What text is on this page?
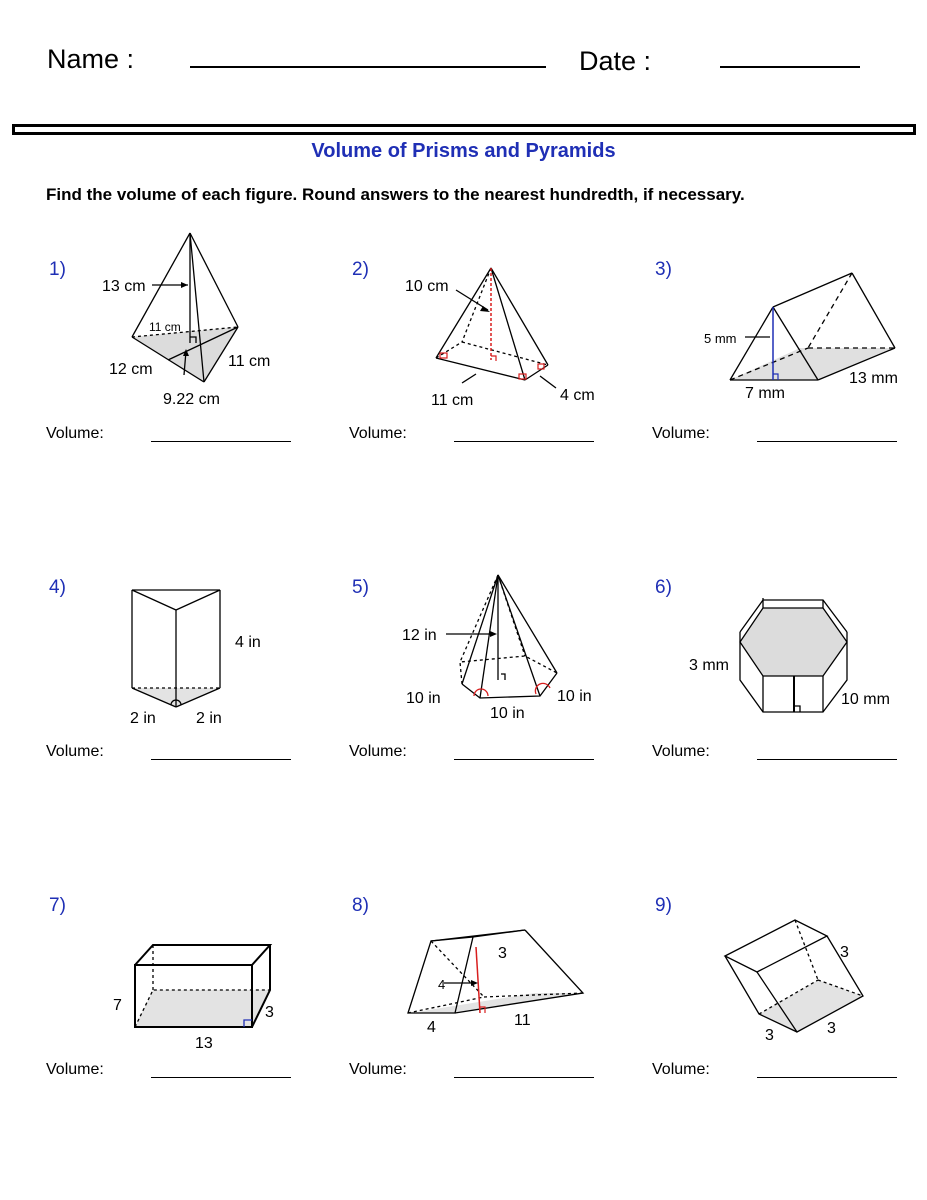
Name :	Date :
Volume of Prisms and Pyramids
Find the volume of each figure. Round answers to the nearest hundredth, if necessary.
1)	2)	3)
4)	5)	6)
7)	8)	9)
Volume:	Volume:	Volume:
Volume:	Volume:	Volume:
Volume:	Volume:	Volume:
13 cm
11 cm
12 cm	11 cm
9.22 cm
10 cm
11 cm	4 cm
5 mm
7 mm
13 mm
4 in
2 in	2 in
12 in
10 in
10 in
10 in
3 mm
10 mm
7	3
13
3
4
4	11
3
3	3
